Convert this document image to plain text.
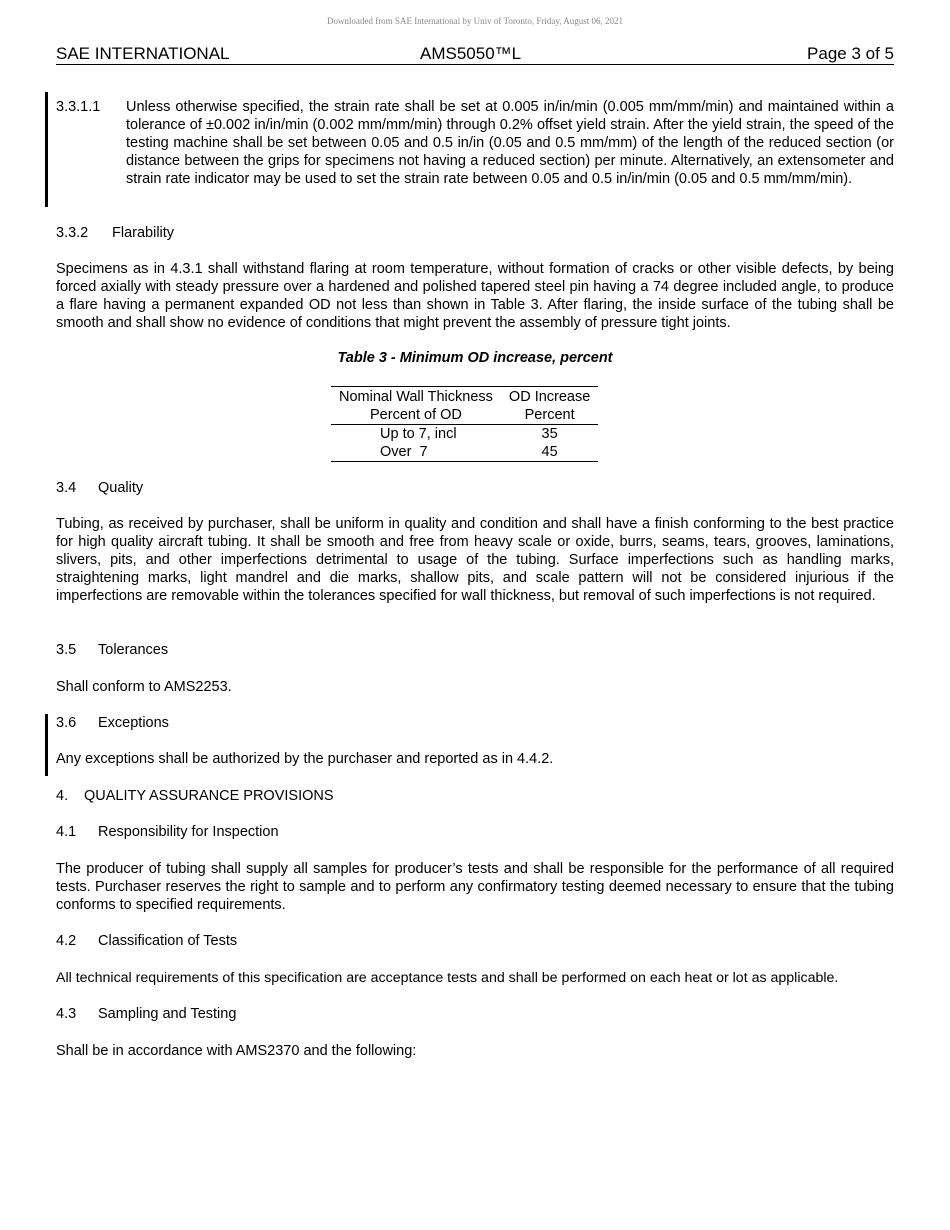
Downloaded from SAE International by Univ of Toronto, Friday, August 06, 2021
SAE INTERNATIONAL	AMS5050™L	Page 3 of 5
3.3.1.1	Unless otherwise specified, the strain rate shall be set at 0.005 in/in/min (0.005 mm/mm/min) and maintained within a tolerance of ±0.002 in/in/min (0.002 mm/mm/min) through 0.2% offset yield strain. After the yield strain, the speed of the testing machine shall be set between 0.05 and 0.5 in/in (0.05 and 0.5 mm/mm) of the length of the reduced section (or distance between the grips for specimens not having a reduced section) per minute. Alternatively, an extensometer and strain rate indicator may be used to set the strain rate between 0.05 and 0.5 in/in/min (0.05 and 0.5 mm/mm/min).
3.3.2 Flarability
Specimens as in 4.3.1 shall withstand flaring at room temperature, without formation of cracks or other visible defects, by being forced axially with steady pressure over a hardened and polished tapered steel pin having a 74 degree included angle, to produce a flare having a permanent expanded OD not less than shown in Table 3. After flaring, the inside surface of the tubing shall be smooth and shall show no evidence of conditions that might prevent the assembly of pressure tight joints.
Table 3 - Minimum OD increase, percent
Nominal Wall Thickness	OD Increase
Percent of OD	Percent
Up to 7, incl	35
Over  7	45
3.4 Quality
Tubing, as received by purchaser, shall be uniform in quality and condition and shall have a finish conforming to the best practice for high quality aircraft tubing. It shall be smooth and free from heavy scale or oxide, burrs, seams, tears, grooves, laminations, slivers, pits, and other imperfections detrimental to usage of the tubing. Surface imperfections such as handling marks, straightening marks, light mandrel and die marks, shallow pits, and scale pattern will not be considered injurious if the imperfections are removable within the tolerances specified for wall thickness, but removal of such imperfections is not required.
3.5 Tolerances
Shall conform to AMS2253.
3.6 Exceptions
Any exceptions shall be authorized by the purchaser and reported as in 4.4.2.
4. QUALITY ASSURANCE PROVISIONS
4.1 Responsibility for Inspection
The producer of tubing shall supply all samples for producer’s tests and shall be responsible for the performance of all required tests. Purchaser reserves the right to sample and to perform any confirmatory testing deemed necessary to ensure that the tubing conforms to specified requirements.
4.2 Classification of Tests
All technical requirements of this specification are acceptance tests and shall be performed on each heat or lot as applicable.
4.3 Sampling and Testing
Shall be in accordance with AMS2370 and the following:
